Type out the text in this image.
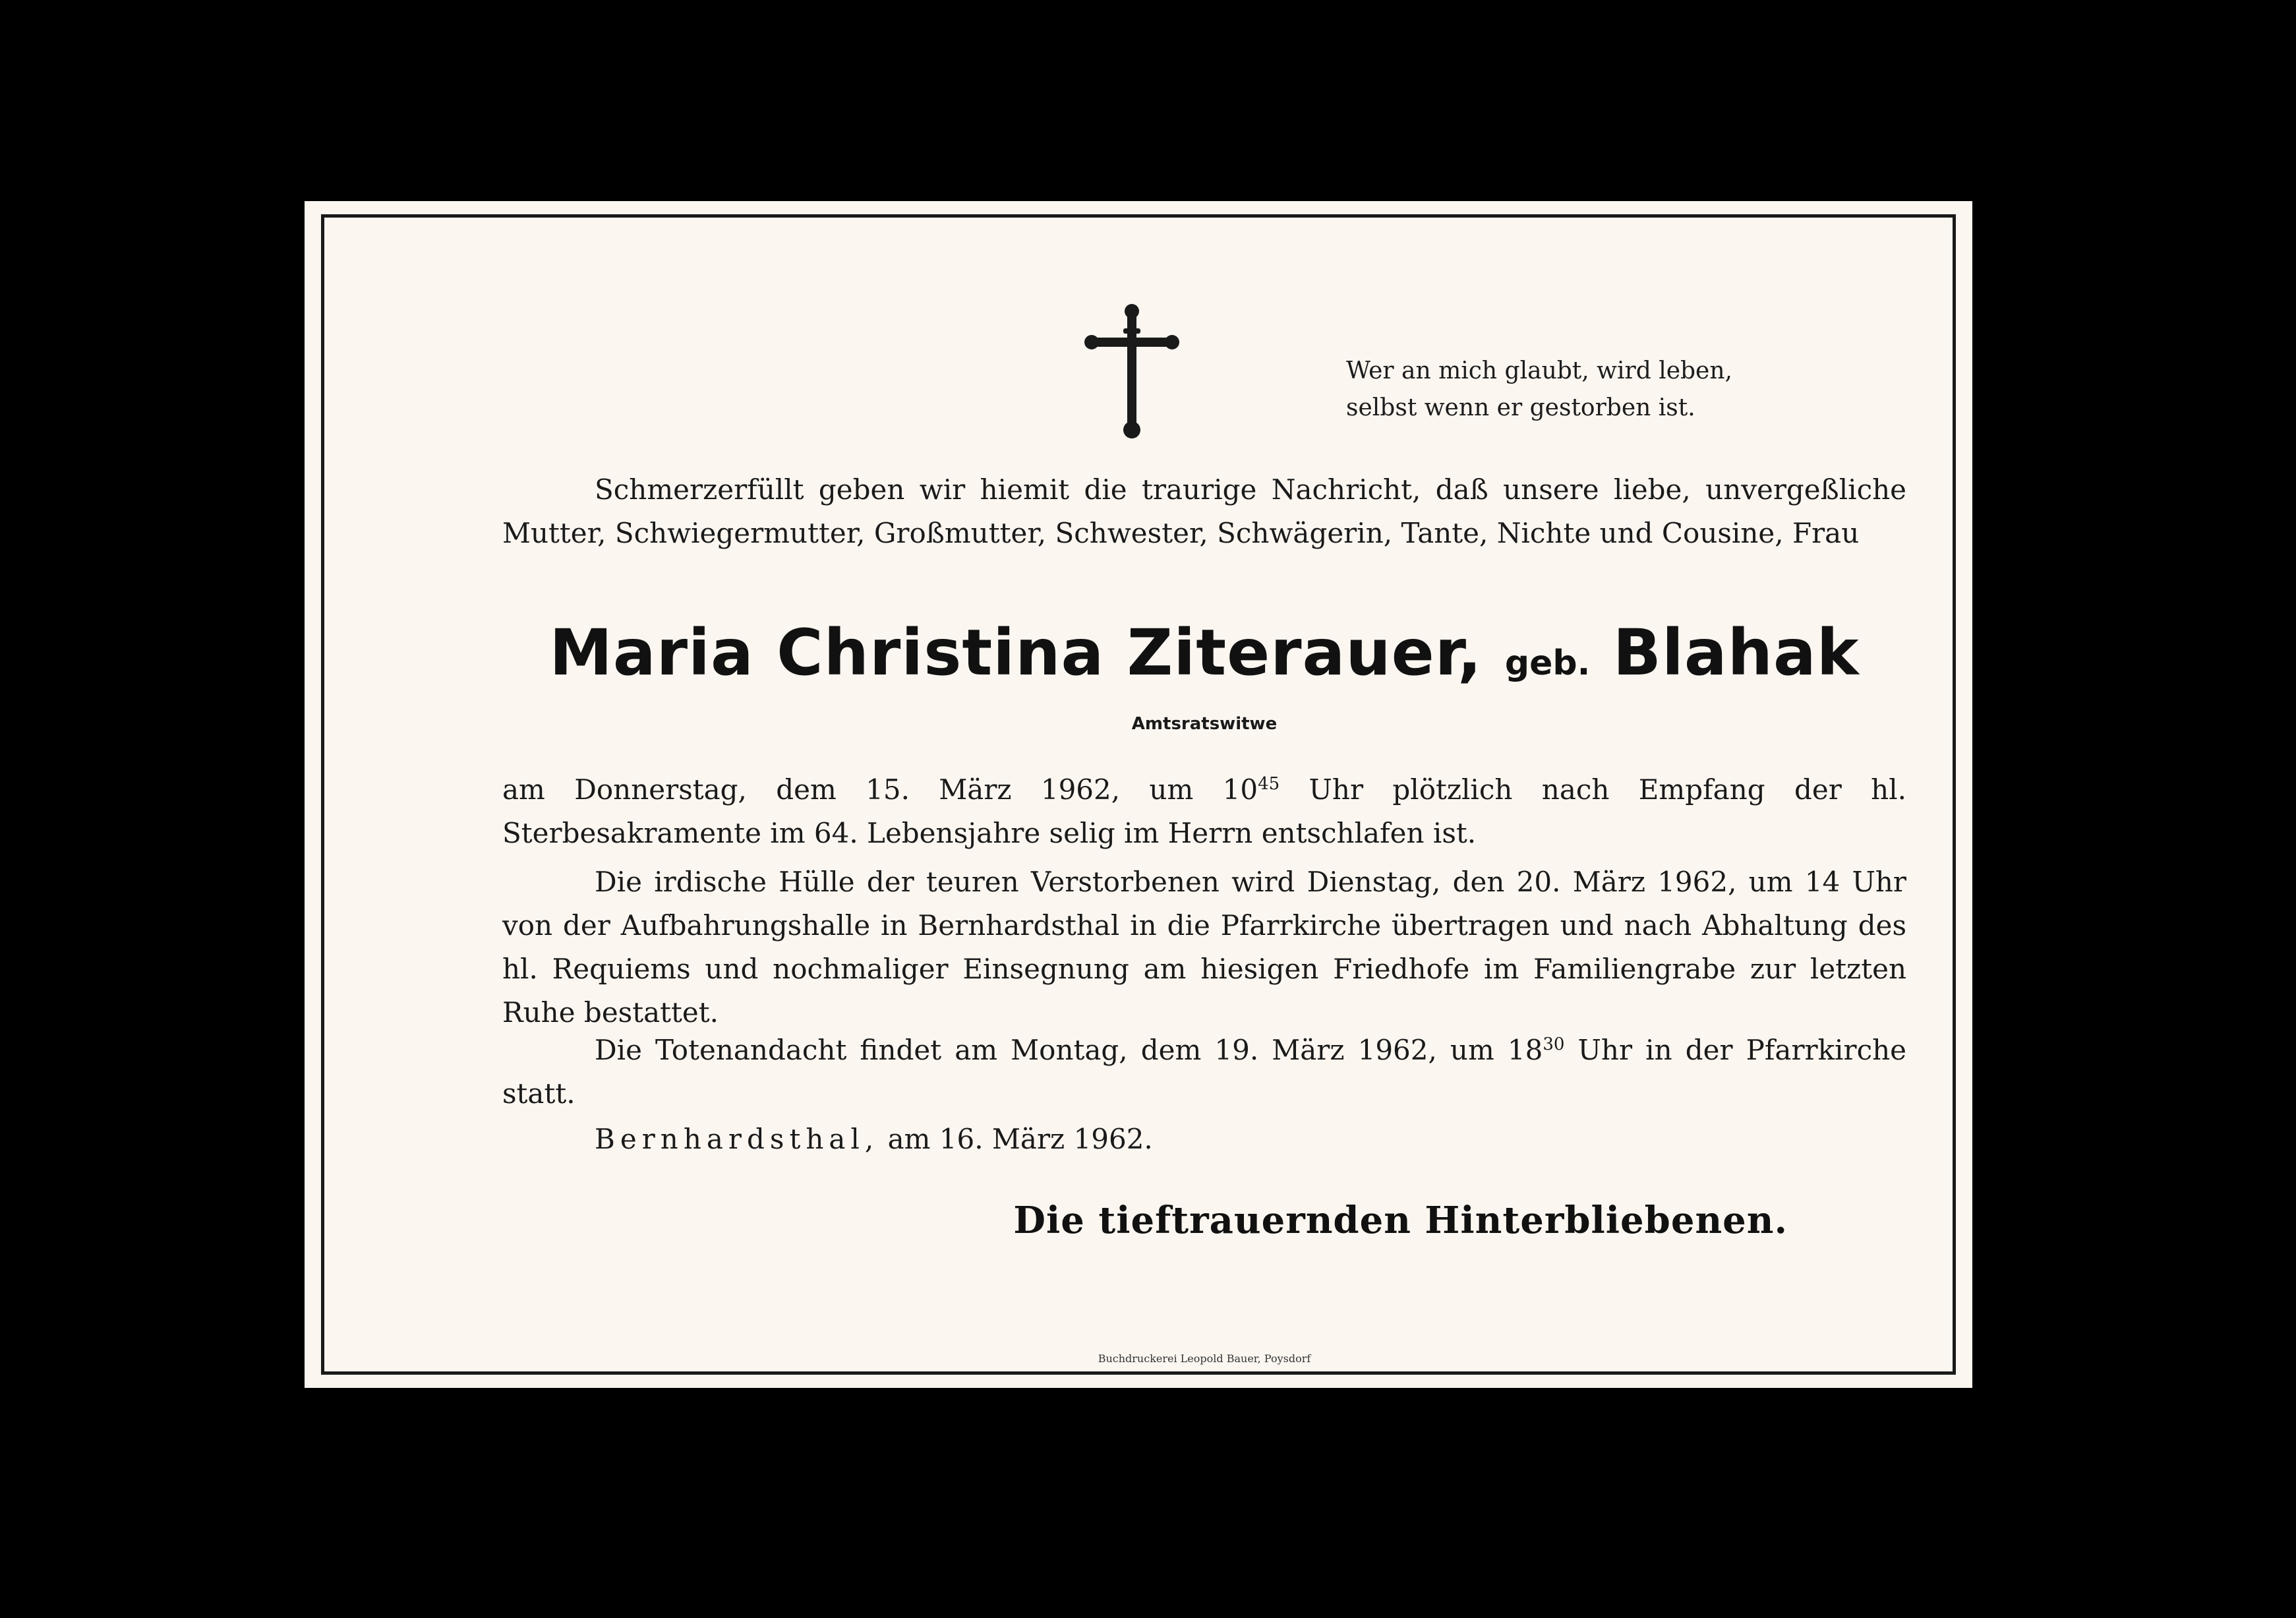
Wer an mich glaubt, wird leben,
selbst wenn er gestorben ist.

Schmerzerfüllt geben wir hiemit die traurige Nachricht, daß unsere liebe, unvergeßliche Mutter, Schwiegermutter, Großmutter, Schwester, Schwägerin, Tante, Nichte und Cousine, Frau

Maria Christina Ziterauer, geb. Blahak
Amtsratswitwe

am Donnerstag, dem 15. März 1962, um $10^{45}$ Uhr plötzlich nach Empfang der hl. Sterbesakramente im 64. Lebensjahre selig im Herrn entschlafen ist.

Die irdische Hülle der teuren Verstorbenen wird Dienstag, den 20. März 1962, um 14 Uhr von der Aufbahrungshalle in Bernhardsthal in die Pfarrkirche übertragen und nach Abhaltung des hl. Requiems und nochmaliger Einsegnung am hiesigen Friedhofe im Familiengrabe zur letzten Ruhe bestattet.

Die Totenandacht findet am Montag, dem 19. März 1962, um $18^{30}$ Uhr in der Pfarrkirche statt.

Bernhardsthal, am 16. März 1962.
Die tieftrauernden Hinterbliebenen.
Buchdruckerei Leopold Bauer, Poysdorf
